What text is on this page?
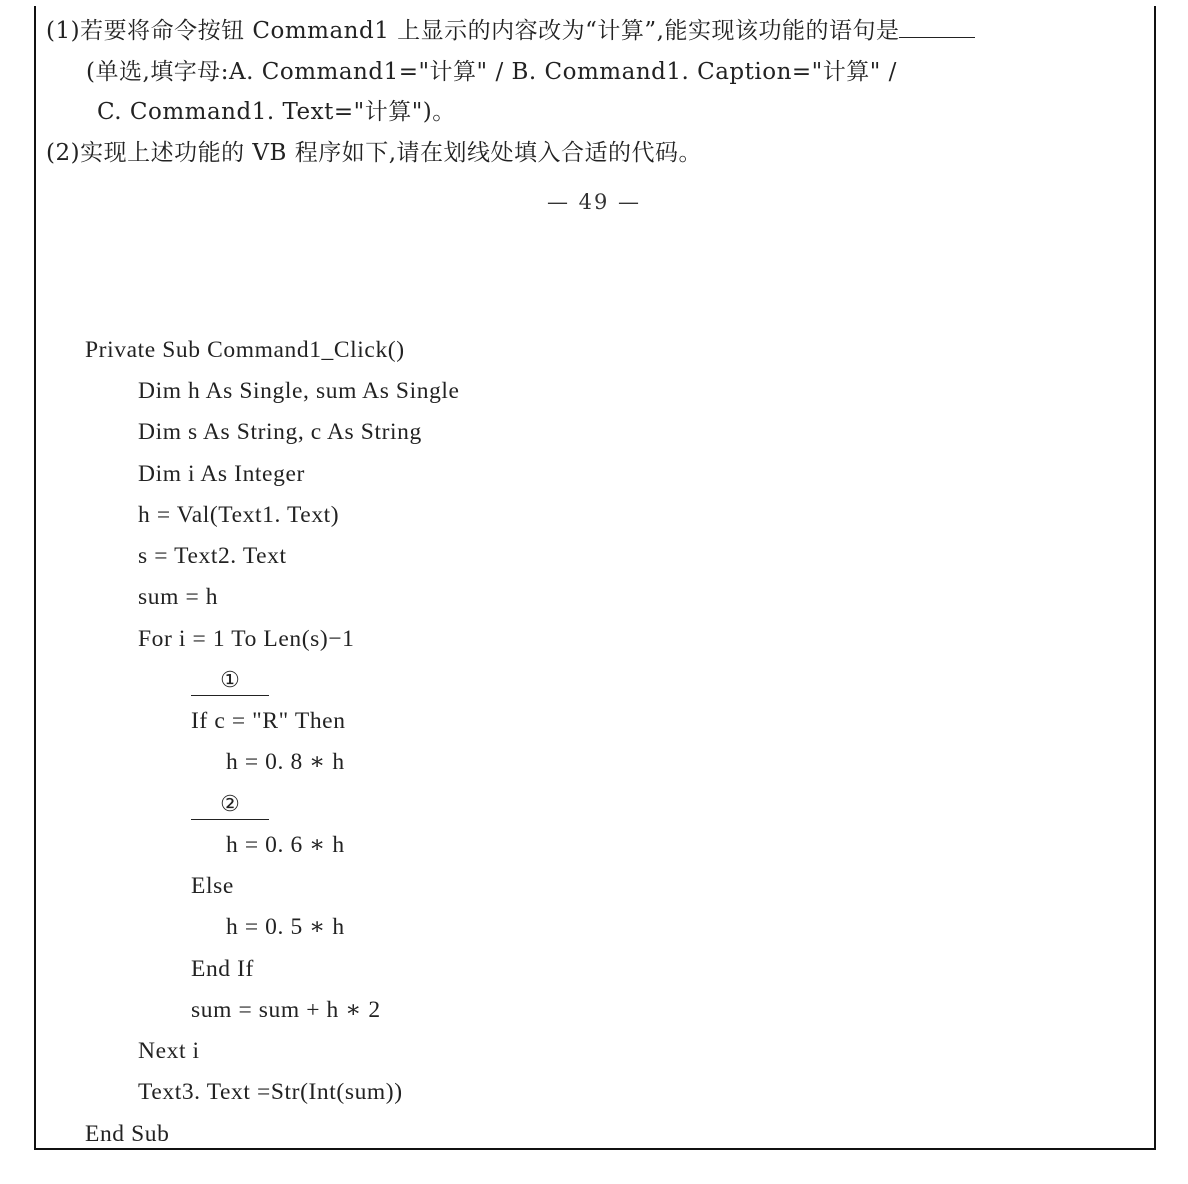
(1)若要将命令按钮 Command1 上显示的内容改为“计算”,能实现该功能的语句是
(单选,填字母:A. Command1="计算" / B. Command1. Caption="计算" /
C. Command1. Text="计算")。
(2)实现上述功能的 VB 程序如下,请在划线处填入合适的代码。
— 49 —
Private Sub Command1_Click()
Dim h As Single, sum As Single
Dim s As String, c As String
Dim i As Integer
h = Val(Text1. Text)
s = Text2. Text
sum = h
For i = 1 To Len(s)−1
①
If c = "R" Then
h = 0. 8 ∗ h
②
h = 0. 6 ∗ h
Else
h = 0. 5 ∗ h
End If
sum = sum + h ∗ 2
Next i
Text3. Text =Str(Int(sum))
End Sub
